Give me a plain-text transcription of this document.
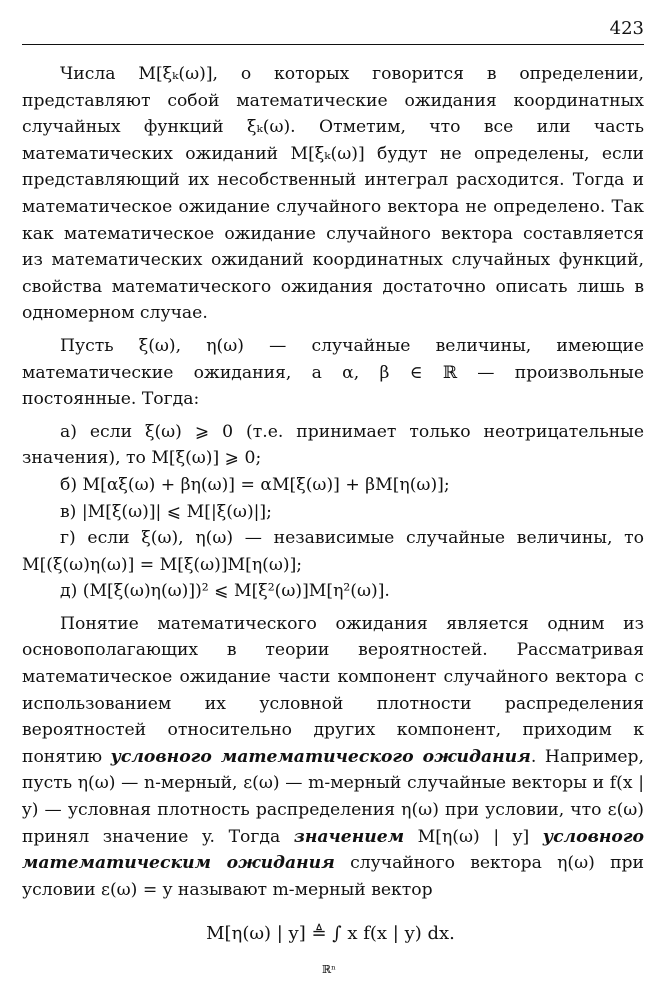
423

Числа M[ξₖ(ω)], о которых говорится в определении, представляют собой математические ожидания координатных случайных функций ξₖ(ω). Отметим, что все или часть математических ожиданий M[ξₖ(ω)] будут не определены, если представляющий их несобственный интеграл расходится. Тогда и математическое ожидание случайного вектора не определено. Так как математическое ожидание случайного вектора составляется из математических ожиданий координатных случайных функций, свойства математического ожидания достаточно описать лишь в одномерном случае.

Пусть ξ(ω), η(ω) — случайные величины, имеющие математические ожидания, а α, β ∈ ℝ — произвольные постоянные. Тогда:

а) если ξ(ω) ⩾ 0 (т.е. принимает только неотрицательные значения), то M[ξ(ω)] ⩾ 0;

б) M[αξ(ω) + βη(ω)] = αM[ξ(ω)] + βM[η(ω)];

в) |M[ξ(ω)]| ⩽ M[|ξ(ω)|];

г) если ξ(ω), η(ω) — независимые случайные величины, то M[(ξ(ω)η(ω)] = M[ξ(ω)]M[η(ω)];

д) (M[ξ(ω)η(ω)])² ⩽ M[ξ²(ω)]M[η²(ω)].

Понятие математического ожидания является одним из основополагающих в теории вероятностей. Рассматривая математическое ожидание части компонент случайного вектора с использованием их условной плотности распределения вероятностей относительно других компонент, приходим к понятию условного математического ожидания. Например, пусть η(ω) — n-мерный, ε(ω) — m-мерный случайные векторы и f(x | y) — условная плотность распределения η(ω) при условии, что ε(ω) принял значение y. Тогда значением M[η(ω) | y] условного математическим ожидания случайного вектора η(ω) при условии ε(ω) = y называют m-мерный вектор

M[η(ω) | y] ≜ ∫ x f(x | y) dx.
ℝⁿ
